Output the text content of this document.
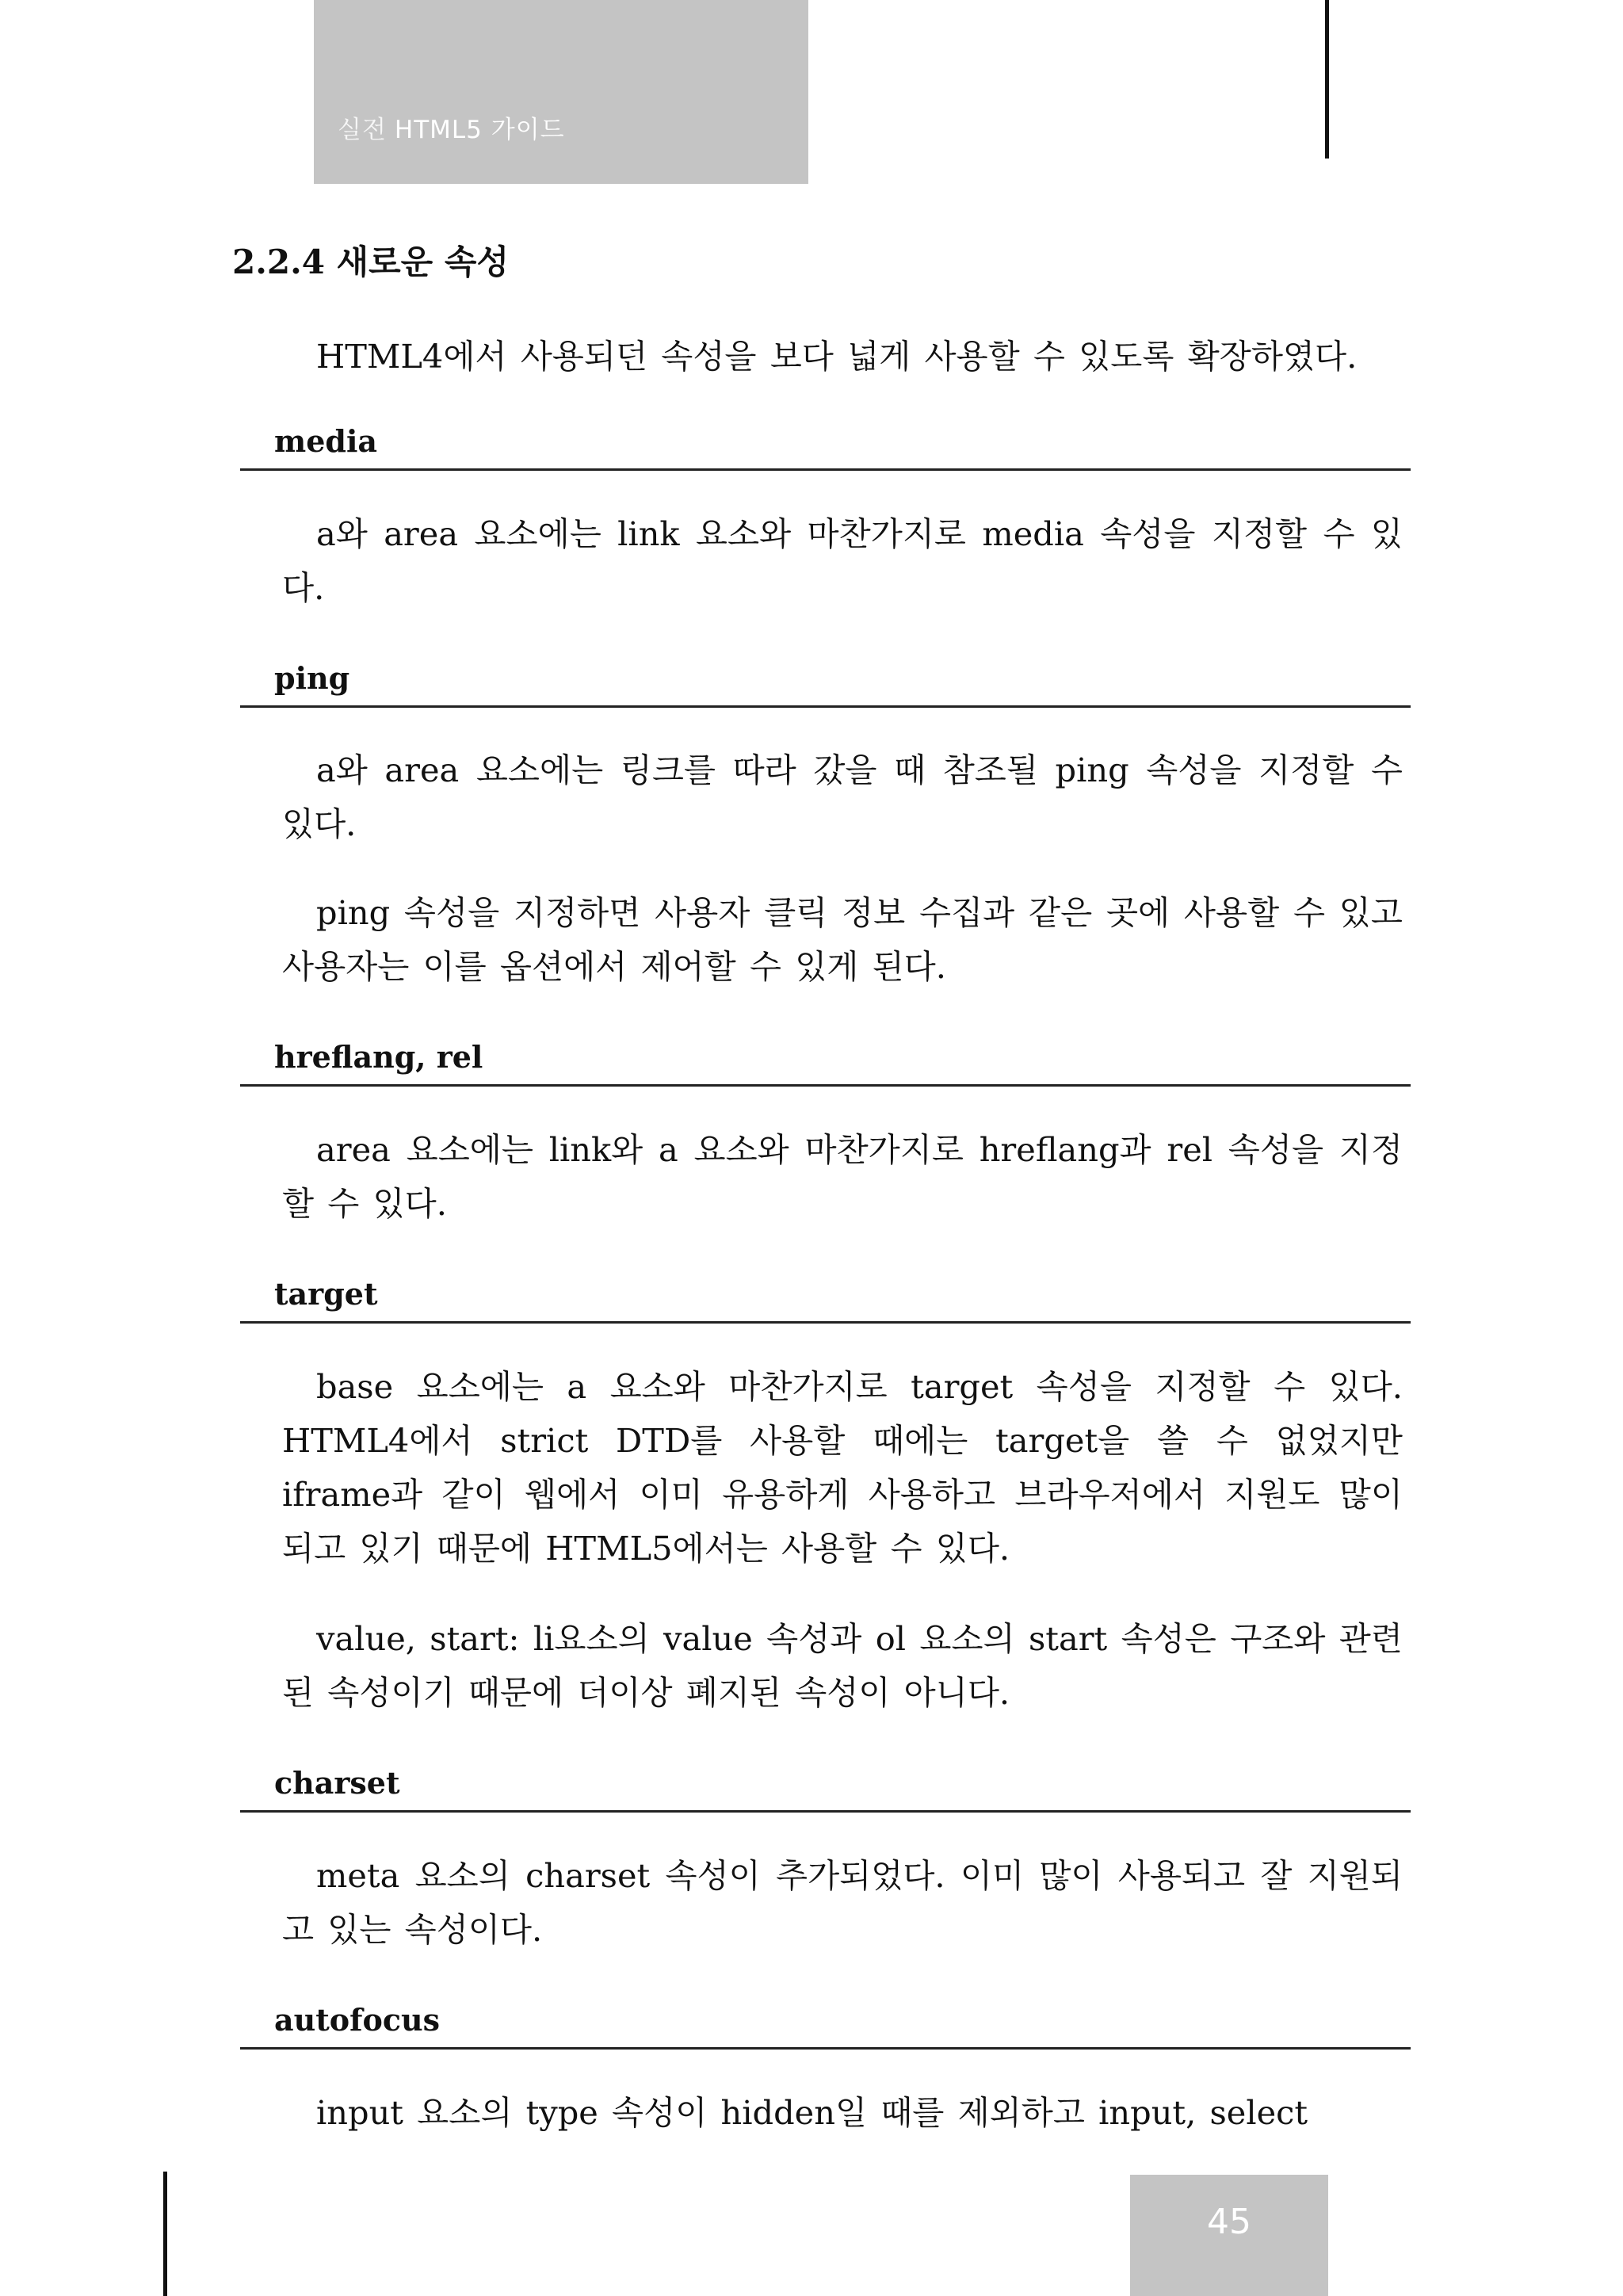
실전 HTML5 가이드
2.2.4 새로운 속성

HTML4에서 사용되던 속성을 보다 넓게 사용할 수 있도록 확장하였다.

media

a와 area 요소에는 link 요소와 마찬가지로 media 속성을 지정할 수 있다.

ping

a와 area 요소에는 링크를 따라 갔을 때 참조될 ping 속성을 지정할 수 있다.

ping 속성을 지정하면 사용자 클릭 정보 수집과 같은 곳에 사용할 수 있고 사용자는 이를 옵션에서 제어할 수 있게 된다.

hreflang, rel

area 요소에는 link와 a 요소와 마찬가지로 hreflang과 rel 속성을 지정할 수 있다.

target

base 요소에는 a 요소와 마찬가지로 target 속성을 지정할 수 있다. HTML4에서 strict DTD를 사용할 때에는 target을 쓸 수 없었지만 iframe과 같이 웹에서 이미 유용하게 사용하고 브라우저에서 지원도 많이 되고 있기 때문에 HTML5에서는 사용할 수 있다.

value, start: li요소의 value 속성과 ol 요소의 start 속성은 구조와 관련된 속성이기 때문에 더이상 폐지된 속성이 아니다.

charset

meta 요소의 charset 속성이 추가되었다. 이미 많이 사용되고 잘 지원되고 있는 속성이다.

autofocus

input 요소의 type 속성이 hidden일 때를 제외하고 input, select

45
